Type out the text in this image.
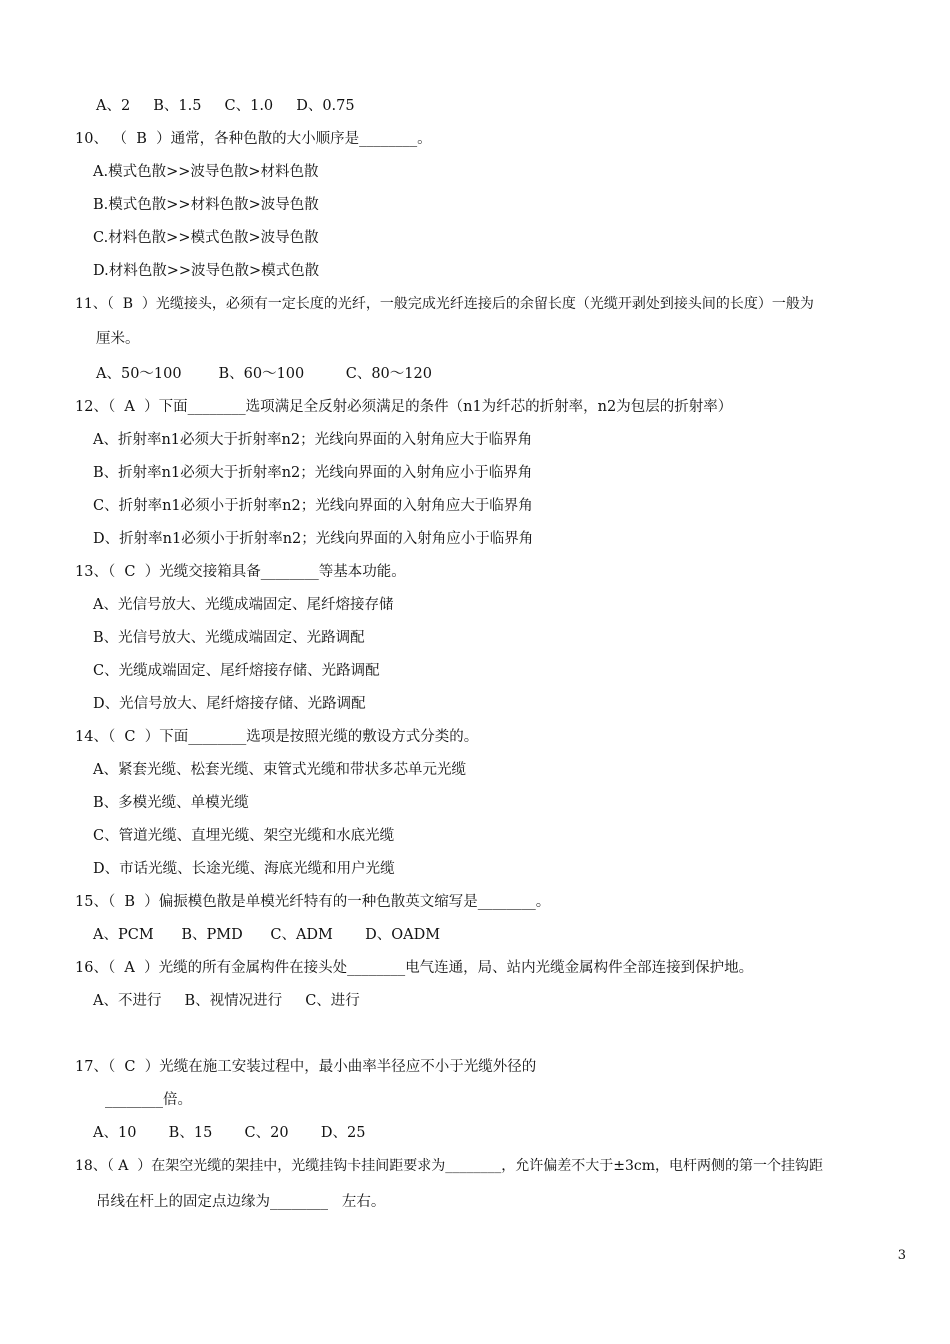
A、2     B、1.5     C、1.0     D、0.75
10、 （  B  ）通常，各种色散的大小顺序是________。
A.模式色散>>波导色散>材料色散
B.模式色散>>材料色散>波导色散
C.材料色散>>模式色散>波导色散
D.材料色散>>波导色散>模式色散
11、（  B  ）光缆接头，必须有一定长度的光纤，一般完成光纤连接后的余留长度（光缆开剥处到接头间的长度）一般为
厘米。
A、50～100        B、60～100         C、80～120
12、（  A  ）下面________选项满足全反射必须满足的条件（n1为纤芯的折射率，n2为包层的折射率）
A、折射率n1必须大于折射率n2；光线向界面的入射角应大于临界角
B、折射率n1必须大于折射率n2；光线向界面的入射角应小于临界角
C、折射率n1必须小于折射率n2；光线向界面的入射角应大于临界角
D、折射率n1必须小于折射率n2；光线向界面的入射角应小于临界角
13、（  C  ）光缆交接箱具备________等基本功能。
A、光信号放大、光缆成端固定、尾纤熔接存储
B、光信号放大、光缆成端固定、光路调配
C、光缆成端固定、尾纤熔接存储、光路调配
D、光信号放大、尾纤熔接存储、光路调配
14、（  C  ）下面________选项是按照光缆的敷设方式分类的。
A、紧套光缆、松套光缆、束管式光缆和带状多芯单元光缆
B、多模光缆、单模光缆
C、管道光缆、直埋光缆、架空光缆和水底光缆
D、市话光缆、长途光缆、海底光缆和用户光缆
15、（  B  ）偏振模色散是单模光纤特有的一种色散英文缩写是________。
A、PCM      B、PMD      C、ADM       D、OADM
16、（  A  ）光缆的所有金属构件在接头处________电气连通，局、站内光缆金属构件全部连接到保护地。
A、不进行     B、视情况进行     C、进行
17、（  C  ）光缆在施工安装过程中，最小曲率半径应不小于光缆外径的
________倍。
A、10       B、15       C、20       D、25
18、（ A  ）在架空光缆的架挂中，光缆挂钩卡挂间距要求为________，允许偏差不大于±3cm，电杆两侧的第一个挂钩距
吊线在杆上的固定点边缘为________   左右。
3
